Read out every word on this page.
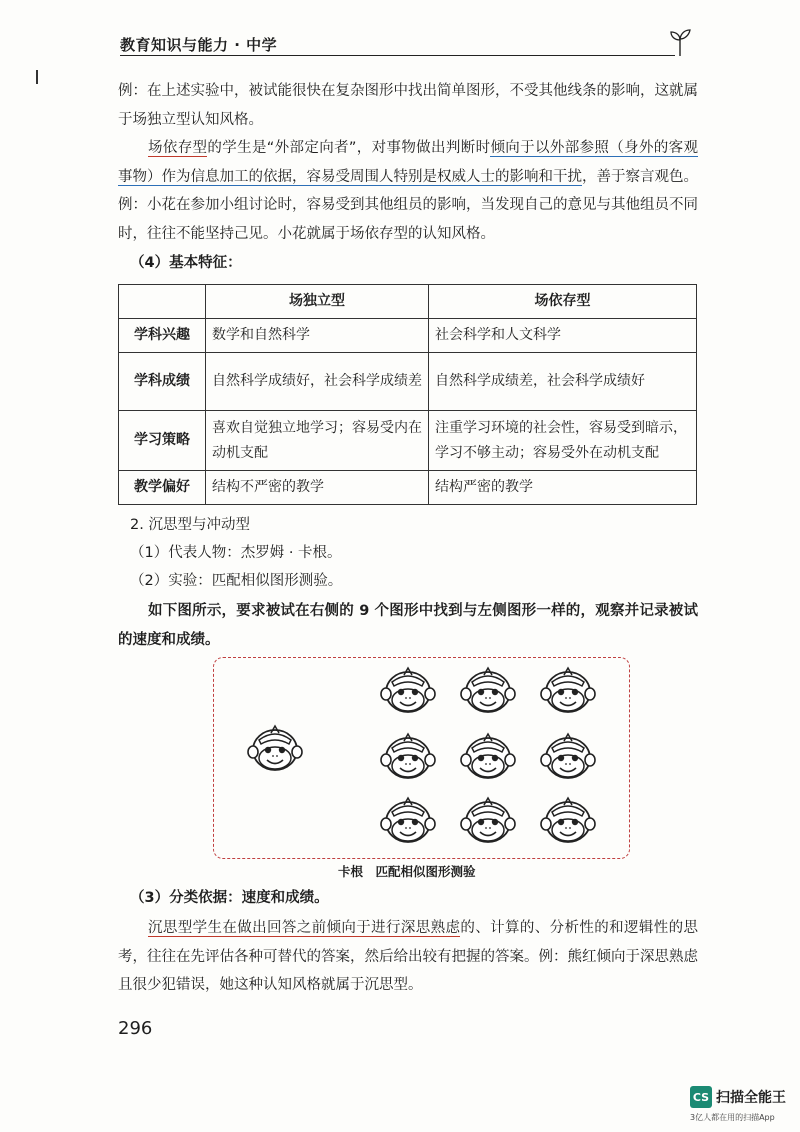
教育知识与能力 · 中学

例：在上述实验中，被试能很快在复杂图形中找出简单图形，不受其他线条的影响，这就属于场独立型认知风格。

场依存型的学生是“外部定向者”，对事物做出判断时倾向于以外部参照（身外的客观事物）作为信息加工的依据，容易受周围人特别是权威人士的影响和干扰，善于察言观色。例：小花在参加小组讨论时，容易受到其他组员的影响，当发现自己的意见与其他组员不同时，往往不能坚持己见。小花就属于场依存型的认知风格。

（4）基本特征：

	场独立型	场依存型
学科兴趣	数学和自然科学	社会科学和人文科学
学科成绩	自然科学成绩好，社会科学成绩差	自然科学成绩差，社会科学成绩好
学习策略	喜欢自觉独立地学习；容易受内在动机支配	注重学习环境的社会性，容易受到暗示，学习不够主动；容易受外在动机支配
教学偏好	结构不严密的教学	结构严密的教学

2. 沉思型与冲动型

（1）代表人物：杰罗姆 · 卡根。

（2）实验：匹配相似图形测验。

如下图所示，要求被试在右侧的 9 个图形中找到与左侧图形一样的，观察并记录被试的速度和成绩。

卡根　匹配相似图形测验

（3）分类依据：速度和成绩。

沉思型学生在做出回答之前倾向于进行深思熟虑的、计算的、分析性的和逻辑性的思考，往往在先评估各种可替代的答案，然后给出较有把握的答案。例：熊红倾向于深思熟虑且很少犯错误，她这种认知风格就属于沉思型。

296
CS 扫描全能王
3亿人都在用的扫描App
